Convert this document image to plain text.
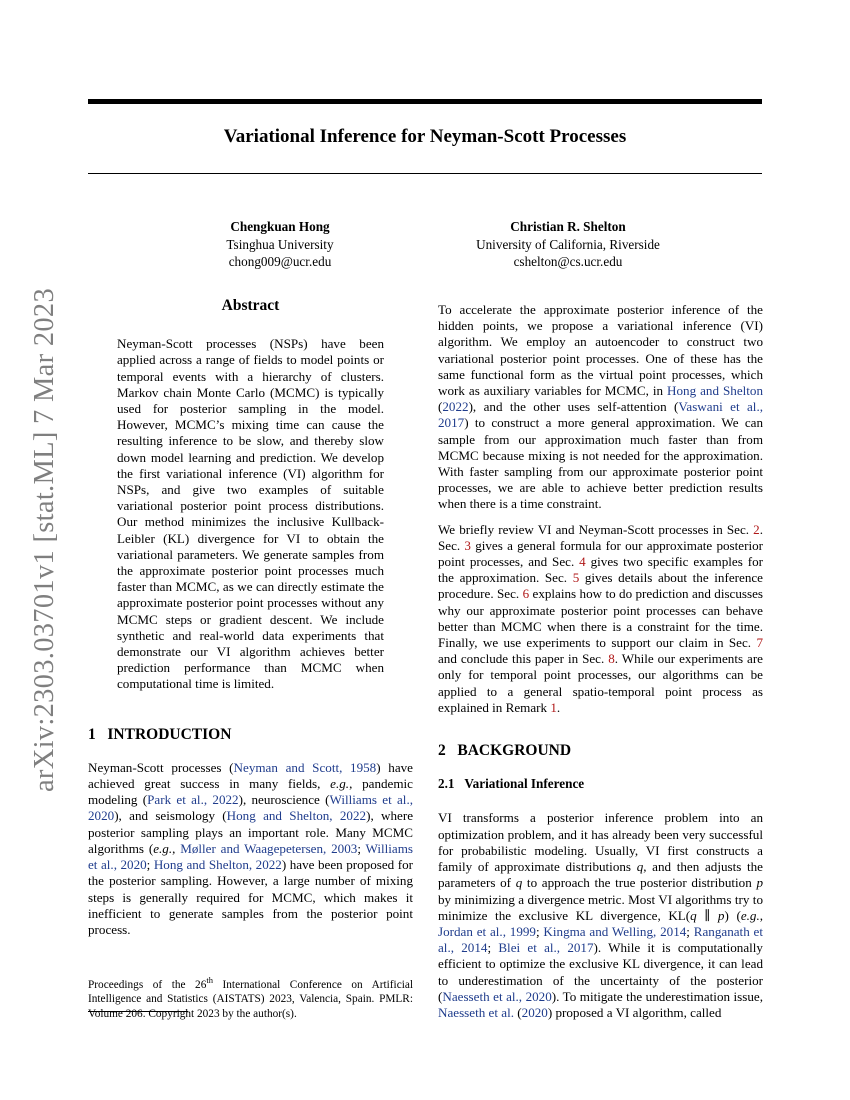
Variational Inference for Neyman-Scott Processes
Chengkuan Hong
Tsinghua University
chong009@ucr.edu
Christian R. Shelton
University of California, Riverside
cshelton@cs.ucr.edu
arXiv:2303.03701v1 [stat.ML] 7 Mar 2023	Abstract

Neyman-Scott processes (NSPs) have been applied across a range of fields to model points or temporal events with a hierarchy of clusters. Markov chain Monte Carlo (MCMC) is typically used for posterior sampling in the model. However, MCMC’s mixing time can cause the resulting inference to be slow, and thereby slow down model learning and prediction. We develop the first variational inference (VI) algorithm for NSPs, and give two examples of suitable variational posterior point process distributions. Our method minimizes the inclusive Kullback-Leibler (KL) divergence for VI to obtain the variational parameters. We generate samples from the approximate posterior point processes much faster than MCMC, as we can directly estimate the approximate posterior point processes without any MCMC steps or gradient descent. We include synthetic and real-world data experiments that demonstrate our VI algorithm achieves better prediction performance than MCMC when computational time is limited.

1 INTRODUCTION

Neyman-Scott processes (Neyman and Scott, 1958) have achieved great success in many fields, e.g., pandemic modeling (Park et al., 2022), neuroscience (Williams et al., 2020), and seismology (Hong and Shelton, 2022), where posterior sampling plays an important role. Many MCMC algorithms (e.g., Møller and Waagepetersen, 2003; Williams et al., 2020; Hong and Shelton, 2022) have been proposed for the posterior sampling. However, a large number of mixing steps is generally required for MCMC, which makes it inefficient to generate samples from the posterior point process.

Proceedings of the 26th International Conference on Artificial Intelligence and Statistics (AISTATS) 2023, Valencia, Spain. PMLR: Volume 206. Copyright 2023 by the author(s).

To accelerate the approximate posterior inference of the hidden points, we propose a variational inference (VI) algorithm. We employ an autoencoder to construct two variational posterior point processes. One of these has the same functional form as the virtual point processes, which work as auxiliary variables for MCMC, in Hong and Shelton (2022), and the other uses self-attention (Vaswani et al., 2017) to construct a more general approximation. We can sample from our approximation much faster than from MCMC because mixing is not needed for the approximation. With faster sampling from our approximate posterior point processes, we are able to achieve better prediction results when there is a time constraint.

We briefly review VI and Neyman-Scott processes in Sec. 2. Sec. 3 gives a general formula for our approximate posterior point processes, and Sec. 4 gives two specific examples for the approximation. Sec. 5 gives details about the inference procedure. Sec. 6 explains how to do prediction and discusses why our approximate posterior point processes can behave better than MCMC when there is a constraint for the time. Finally, we use experiments to support our claim in Sec. 7 and conclude this paper in Sec. 8. While our experiments are only for temporal point processes, our algorithms can be applied to a general spatio-temporal point process as explained in Remark 1.

2 BACKGROUND
2.1 Variational Inference

VI transforms a posterior inference problem into an optimization problem, and it has already been very successful for probabilistic modeling. Usually, VI first constructs a family of approximate distributions q, and then adjusts the parameters of q to approach the true posterior distribution p by minimizing a divergence metric. Most VI algorithms try to minimize the exclusive KL divergence, KL(q ∥ p) (e.g., Jordan et al., 1999; Kingma and Welling, 2014; Ranganath et al., 2014; Blei et al., 2017). While it is computationally efficient to optimize the exclusive KL divergence, it can lead to underestimation of the uncertainty of the posterior (Naesseth et al., 2020). To mitigate the underestimation issue, Naesseth et al. (2020) proposed a VI algorithm, called
